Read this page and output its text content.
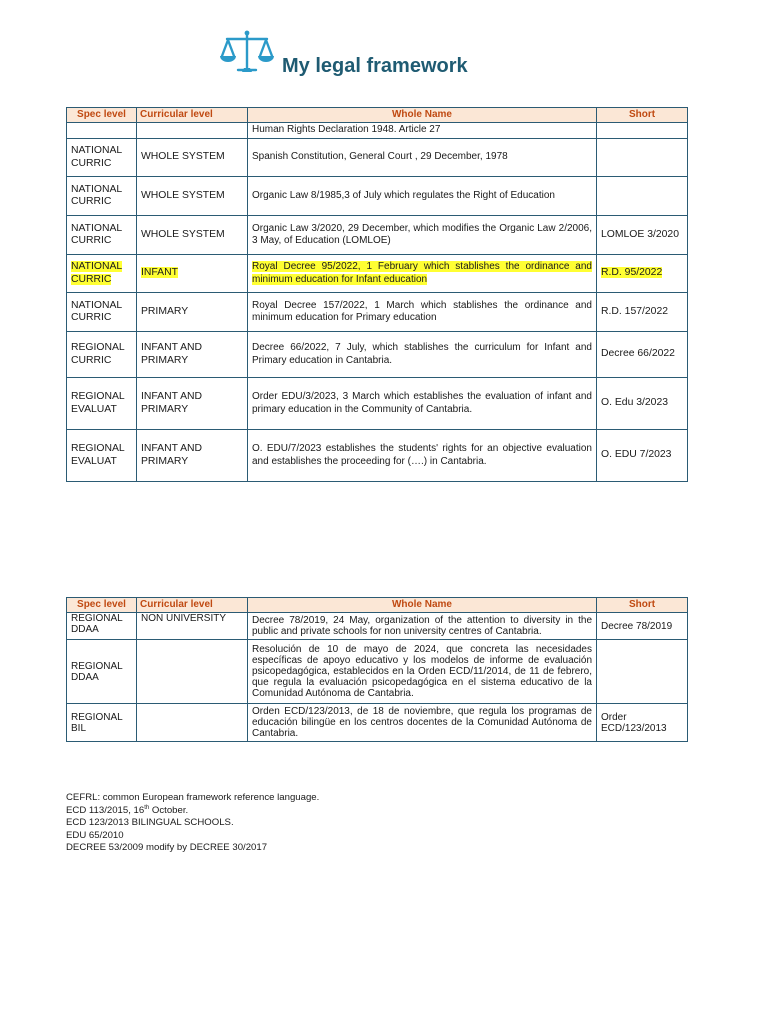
My legal framework
Spec level	Curricular level	Whole Name	Short
		Human Rights Declaration 1948. Article 27	
NATIONAL CURRIC	WHOLE SYSTEM	Spanish Constitution, General Court , 29 December, 1978	
NATIONAL CURRIC	WHOLE SYSTEM	Organic Law 8/1985,3 of July which regulates the Right of Education	
NATIONAL CURRIC	WHOLE SYSTEM	Organic Law 3/2020, 29 December, which modifies the Organic Law 2/2006, 3 May, of Education (LOMLOE)	LOMLOE 3/2020
NATIONAL CURRIC	INFANT	Royal Decree 95/2022, 1 February which stablishes the ordinance and minimum education for Infant education	R.D. 95/2022
NATIONAL CURRIC	PRIMARY	Royal Decree 157/2022, 1 March which stablishes the ordinance and minimum education for Primary education	R.D. 157/2022
REGIONAL CURRIC	INFANT AND PRIMARY	Decree 66/2022, 7 July, which stablishes the curriculum for Infant and Primary education in Cantabria.	Decree 66/2022
REGIONAL EVALUAT	INFANT AND PRIMARY	Order EDU/3/2023, 3 March which establishes the evaluation of infant and primary education in the Community of Cantabria.	O. Edu 3/2023
REGIONAL EVALUAT	INFANT AND PRIMARY	O. EDU/7/2023 establishes the students' rights for an objective evaluation and establishes the proceeding for (….) in Cantabria.	O. EDU 7/2023
Spec level	Curricular level	Whole Name	Short
REGIONAL DDAA	NON UNIVERSITY	Decree 78/2019, 24 May, organization of the attention to diversity in the public and private schools for non university centres of Cantabria.	Decree 78/2019
REGIONAL DDAA		Resolución de 10 de mayo de 2024, que concreta las necesidades específicas de apoyo educativo y los modelos de informe de evaluación psicopedagógica, establecidos en la Orden ECD/11/2014, de 11 de febrero, que regula la evaluación psicopedagógica en el sistema educativo de la Comunidad Autónoma de Cantabria.	
REGIONAL BIL		Orden ECD/123/2013, de 18 de noviembre, que regula los programas de educación bilingüe en los centros docentes de la Comunidad Autónoma de Cantabria.	Order ECD/123/2013
CEFRL: common European framework reference language.
ECD 113/2015, 16th October.
ECD 123/2013 BILINGUAL SCHOOLS.
EDU 65/2010
DECREE 53/2009 modify by DECREE 30/2017
